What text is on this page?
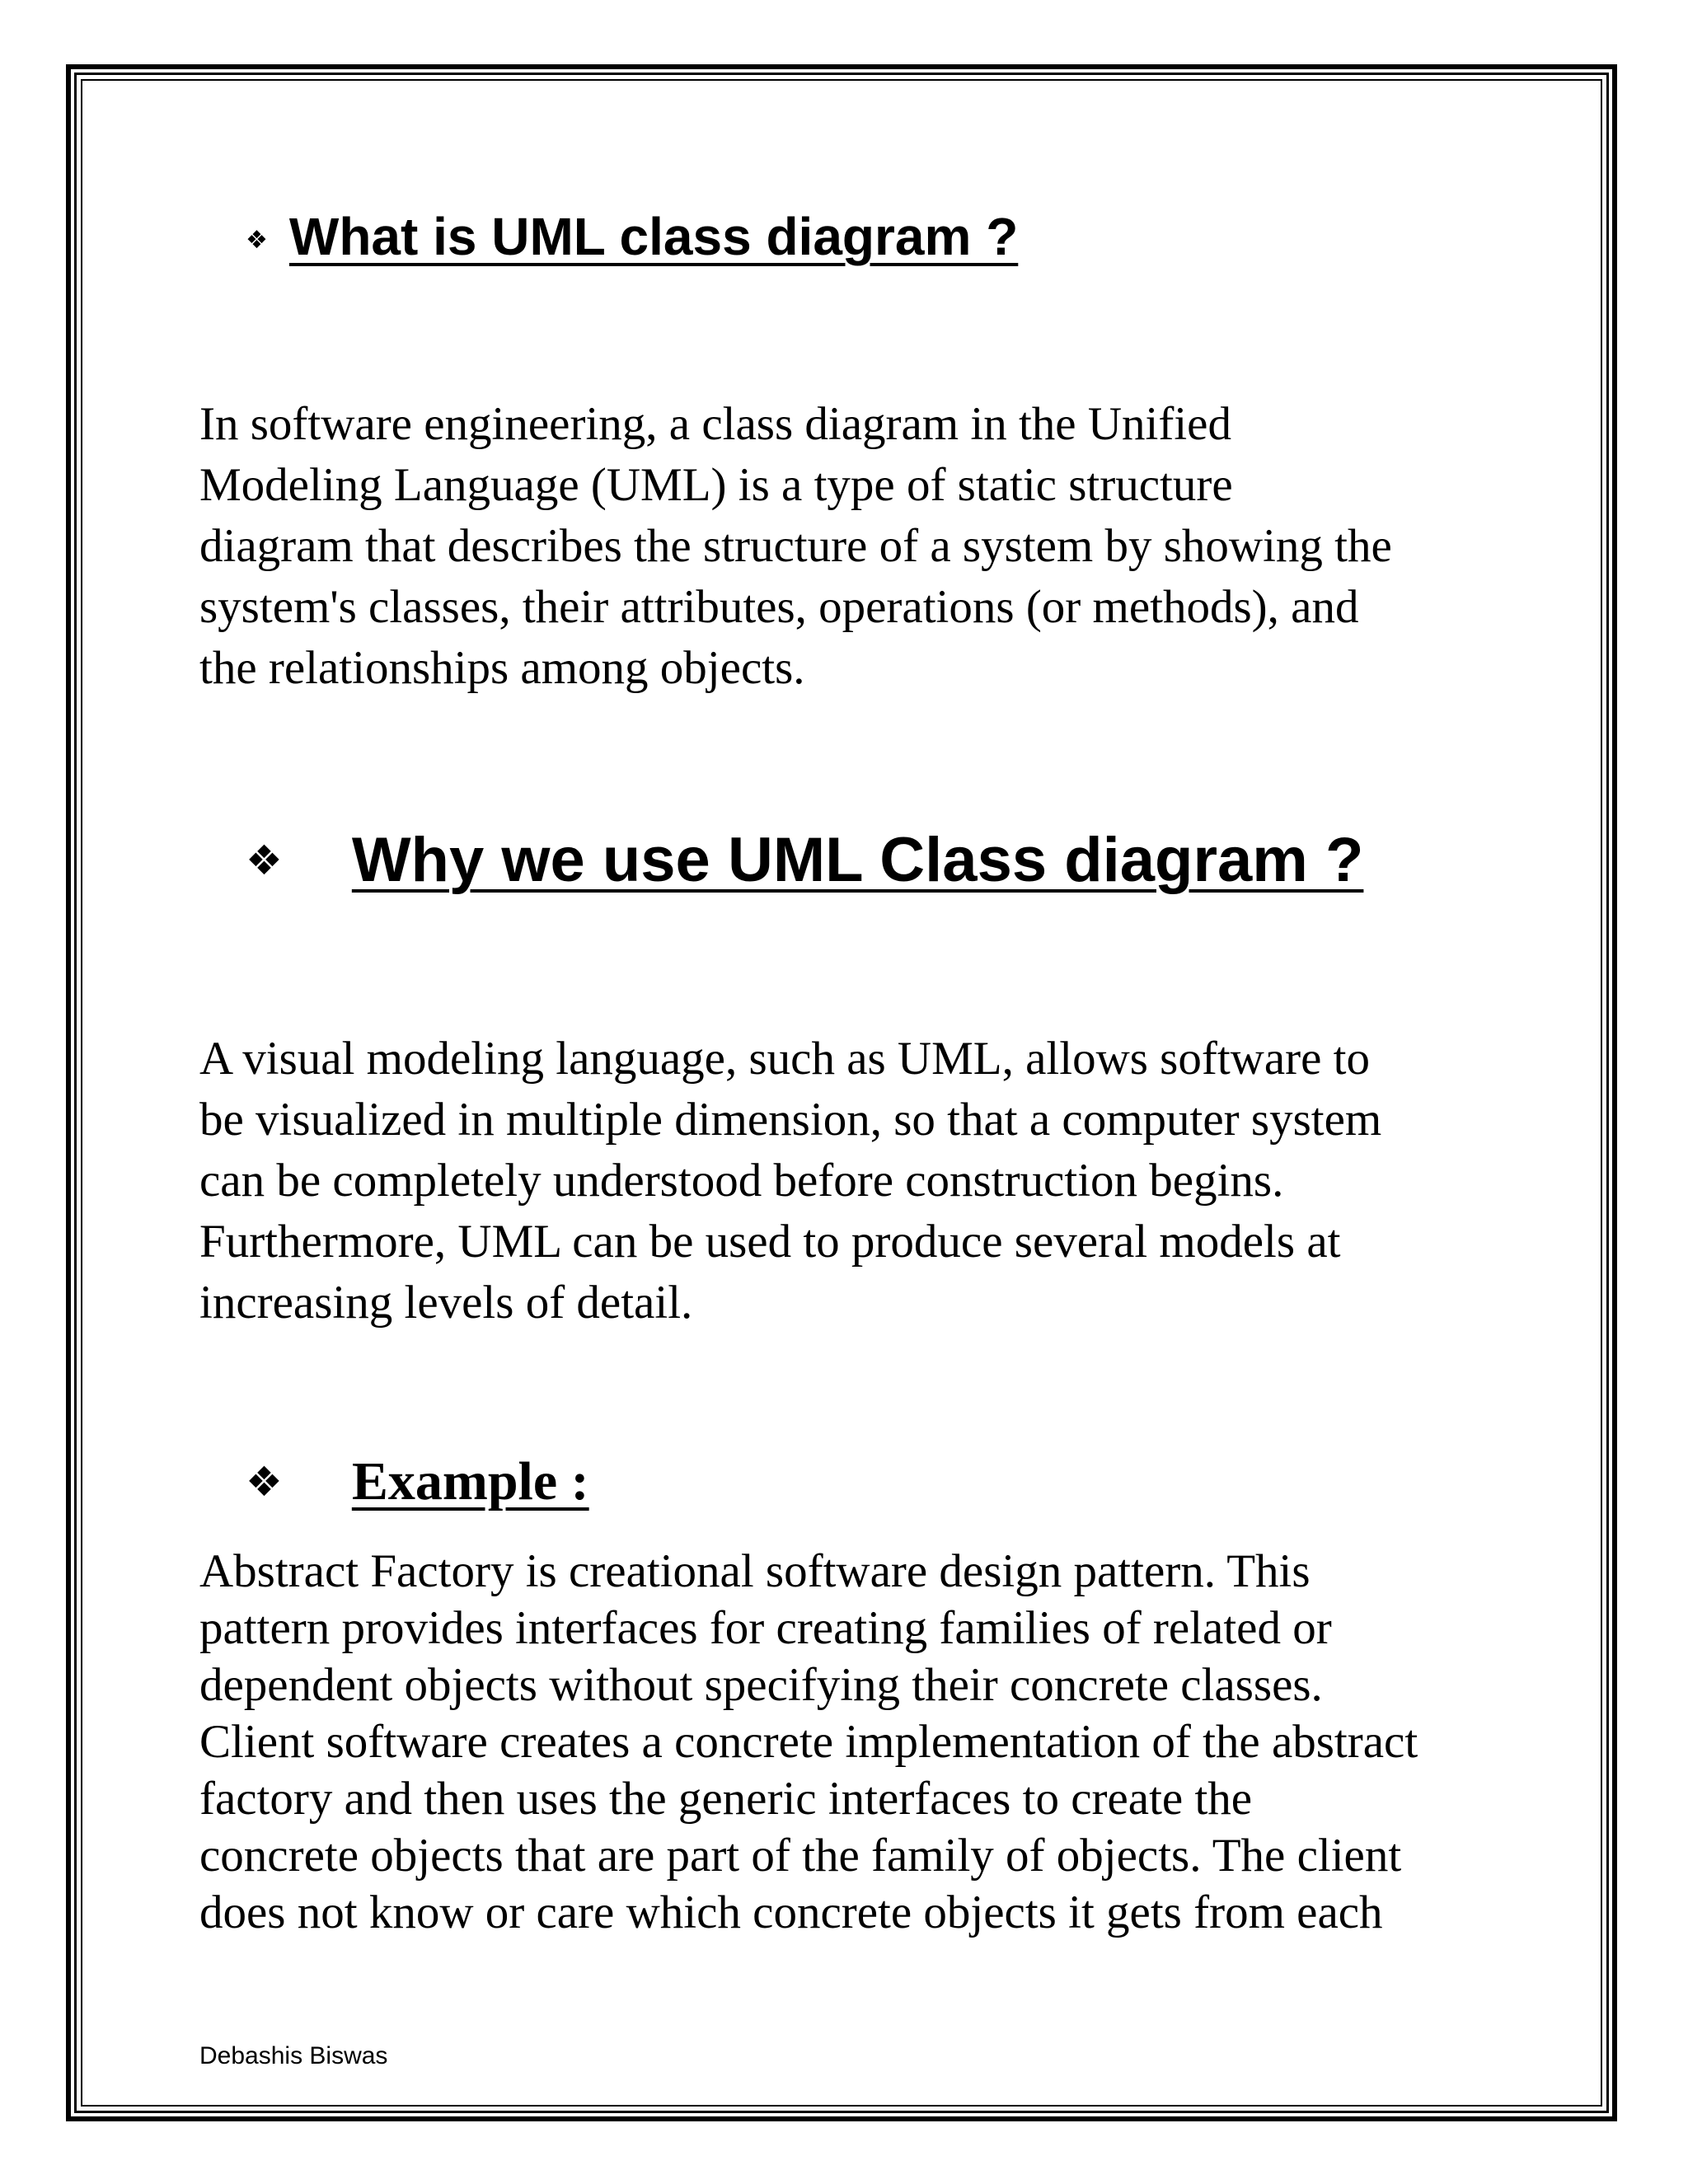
❖ What is UML class diagram ?
In software engineering, a class diagram in the Unified
Modeling Language (UML) is a type of static structure
diagram that describes the structure of a system by showing the
system's classes, their attributes, operations (or methods), and
the relationships among objects.
❖ Why we use UML Class diagram ?
A visual modeling language, such as UML, allows software to
be visualized in multiple dimension, so that a computer system
can be completely understood before construction begins.
Furthermore, UML can be used to produce several models at
increasing levels of detail.
❖ Example :
Abstract Factory is creational software design pattern. This
pattern provides interfaces for creating families of related or
dependent objects without specifying their concrete classes.
Client software creates a concrete implementation of the abstract
factory and then uses the generic interfaces to create the
concrete objects that are part of the family of objects. The client
does not know or care which concrete objects it gets from each
Debashis Biswas
